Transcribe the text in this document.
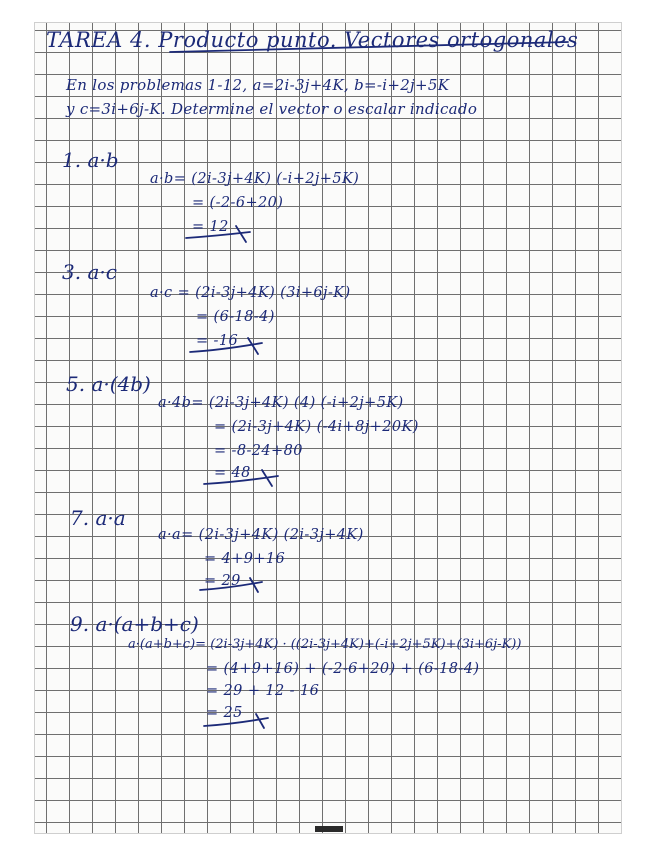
TAREA 4. Producto punto. Vectores ortogonales
En los problemas 1-12, a=2i-3j+4K, b=-i+2j+5K
y c=3i+6j-K. Determine el vector o escalar indicado
1. a·b
a·b= (2i-3j+4K) (-i+2j+5K)
= (-2-6+20)
= 12
3. a·c
a·c = (2i-3j+4K) (3i+6j-K)
= (6-18-4)
= -16
5. a·(4b)
a·4b= (2i-3j+4K) (4) (-i+2j+5K)
= (2i-3j+4K) (-4i+8j+20K)
= -8-24+80
= 48
7. a·a
a·a= (2i-3j+4K) (2i-3j+4K)
= 4+9+16
= 29
9. a·(a+b+c)
a·(a+b+c)= (2i-3j+4K) · ((2i-3j+4K)+(-i+2j+5K)+(3i+6j-K))
= (4+9+16) + (-2-6+20) + (6-18-4)
= 29 + 12 - 16
= 25
